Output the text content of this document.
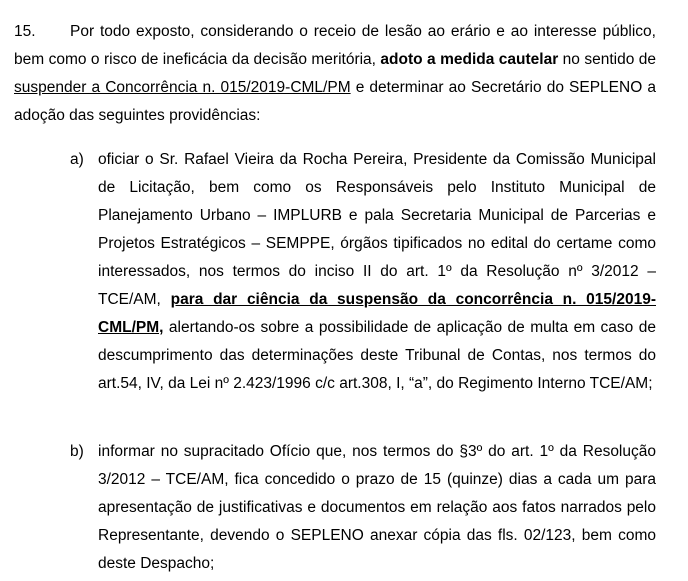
15. Por todo exposto, considerando o receio de lesão ao erário e ao interesse público, bem como o risco de ineficácia da decisão meritória, adoto a medida cautelar no sentido de suspender a Concorrência n. 015/2019-CML/PM e determinar ao Secretário do SEPLENO a adoção das seguintes providências:

a) oficiar o Sr. Rafael Vieira da Rocha Pereira, Presidente da Comissão Municipal de Licitação, bem como os Responsáveis pelo Instituto Municipal de Planejamento Urbano – IMPLURB e pala Secretaria Municipal de Parcerias e Projetos Estratégicos – SEMPPE, órgãos tipificados no edital do certame como interessados, nos termos do inciso II do art. 1º da Resolução nº 3/2012 – TCE/AM, para dar ciência da suspensão da concorrência n. 015/2019-CML/PM, alertando-os sobre a possibilidade de aplicação de multa em caso de descumprimento das determinações deste Tribunal de Contas, nos termos do art.54, IV, da Lei nº 2.423/1996 c/c art.308, I, “a”, do Regimento Interno TCE/AM;
b) informar no supracitado Ofício que, nos termos do §3º do art. 1º da Resolução 3/2012 – TCE/AM, fica concedido o prazo de 15 (quinze) dias a cada um para apresentação de justificativas e documentos em relação aos fatos narrados pelo Representante, devendo o SEPLENO anexar cópia das fls. 02/123, bem como deste Despacho;
